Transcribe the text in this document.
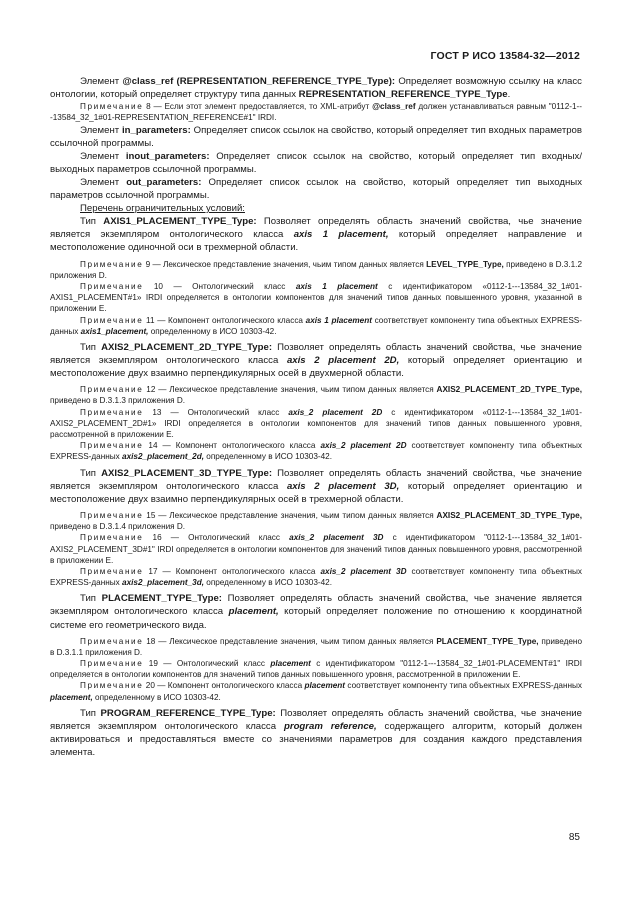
ГОСТ Р ИСО 13584-32—2012

Элемент @class_ref (REPRESENTATION_REFERENCE_TYPE_Type): Определяет возможную ссылку на класс онтологии, который определяет структуру типа данных REPRESENTATION_REFERENCE_TYPE_Type.

Примечание 8 — Если этот элемент предоставляется, то XML-атрибут @class_ref должен устанавливаться равным "0112-1---13584_32_1#01-REPRESENTATION_REFERENCE#1" IRDI.

Элемент in_parameters: Определяет список ссылок на свойство, который определяет тип входных параметров ссылочной программы.

Элемент inout_parameters: Определяет список ссылок на свойство, который определяет тип входных/выходных параметров ссылочной программы.

Элемент out_parameters: Определяет список ссылок на свойство, который определяет тип выходных параметров ссылочной программы.

Перечень ограничительных условий:

Тип AXIS1_PLACEMENT_TYPE_Type: Позволяет определять область значений свойства, чье значение является экземпляром онтологического класса axis 1 placement, который определяет направление и местоположение одиночной оси в трехмерной области.

Примечание 9 — Лексическое представление значения, чьим типом данных является LEVEL_TYPE_Type, приведено в D.3.1.2 приложения D.

Примечание 10 — Онтологический класс axis 1 placement с идентификатором «0112-1---13584_32_1#01-AXIS1_PLACEMENT#1» IRDI определяется в онтологии компонентов для значений типов данных повышенного уровня, указанной в приложении Е.

Примечание 11 — Компонент онтологического класса axis 1 placement соответствует компоненту типа объектных EXPRESS-данных axis1_placement, определенному в ИСО 10303-42.

Тип AXIS2_PLACEMENT_2D_TYPE_Type: Позволяет определять область значений свойства, чье значение является экземпляром онтологического класса axis 2 placement 2D, который определяет ориентацию и местоположение двух взаимно перпендикулярных осей в двухмерной области.

Примечание 12 — Лексическое представление значения, чьим типом данных является AXIS2_PLACEMENT_2D_TYPE_Type, приведено в D.3.1.3 приложения D.

Примечание 13 — Онтологический класс axis_2 placement 2D с идентификатором «0112-1---13584_32_1#01-AXIS2_PLACEMENT_2D#1» IRDI определяется в онтологии компонентов для значений типов данных повышенного уровня, рассмотренной в приложении Е.

Примечание 14 — Компонент онтологического класса axis_2 placement 2D соответствует компоненту типа объектных EXPRESS-данных axis2_placement_2d, определенному в ИСО 10303-42.

Тип AXIS2_PLACEMENT_3D_TYPE_Type: Позволяет определять область значений свойства, чье значение является экземпляром онтологического класса axis 2 placement 3D, который определяет ориентацию и местоположение двух взаимно перпендикулярных осей в трехмерной области.

Примечание 15 — Лексическое представление значения, чьим типом данных является AXIS2_PLACEMENT_3D_TYPE_Type, приведено в D.3.1.4 приложения D.

Примечание 16 — Онтологический класс axis_2 placement 3D с идентификатором "0112-1---13584_32_1#01-AXIS2_PLACEMENT_3D#1" IRDI определяется в онтологии компонентов для значений типов данных повышенного уровня, рассмотренной в приложении Е.

Примечание 17 — Компонент онтологического класса axis_2 placement 3D соответствует компоненту типа объектных EXPRESS-данных axis2_placement_3d, определенному в ИСО 10303-42.

Тип PLACEMENT_TYPE_Type: Позволяет определять область значений свойства, чье значение является экземпляром онтологического класса placement, который определяет положение по отношению к координатной системе его геометрического вида.

Примечание 18 — Лексическое представление значения, чьим типом данных является PLACEMENT_TYPE_Type, приведено в D.3.1.1 приложения D.

Примечание 19 — Онтологический класс placement с идентификатором "0112-1---13584_32_1#01-PLACEMENT#1" IRDI определяется в онтологии компонентов для значений типов данных повышенного уровня, рассмотренной в приложении Е.

Примечание 20 — Компонент онтологического класса placement соответствует компоненту типа объектных EXPRESS-данных placement, определенному в ИСО 10303-42.

Тип PROGRAM_REFERENCE_TYPE_Type: Позволяет определять область значений свойства, чье значение является экземпляром онтологического класса program reference, содержащего алгоритм, который должен активироваться и предоставляться вместе со значениями параметров для создания каждого представления элемента.

85
